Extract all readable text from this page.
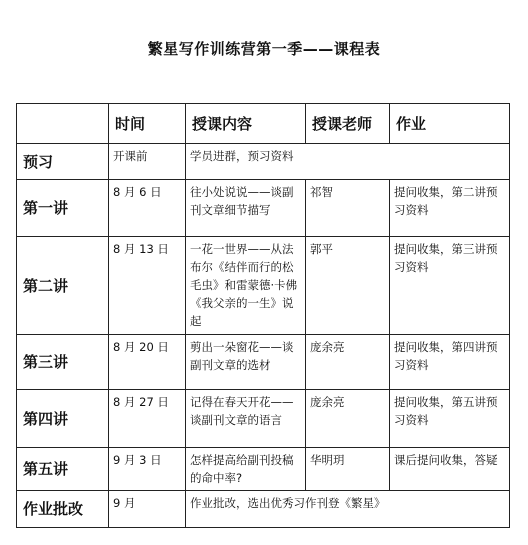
繁星写作训练营第一季——课程表
	时间	授课内容	授课老师	作业
预习	开课前	学员进群，预习资料		
第一讲	8 月 6 日	往小处说说——谈副刊文章细节描写	祁智	提问收集，第二讲预习资料
第二讲	8 月 13 日	一花一世界——从法布尔《结伴而行的松毛虫》和雷蒙德·卡佛《我父亲的一生》说起	郭平	提问收集，第三讲预习资料
第三讲	8 月 20 日	剪出一朵窗花——谈副刊文章的选材	庞余亮	提问收集，第四讲预习资料
第四讲	8 月 27 日	记得在春天开花——谈副刊文章的语言	庞余亮	提问收集，第五讲预习资料
第五讲	9 月 3 日	怎样提高给副刊投稿的命中率?	华明玥	课后提问收集，答疑
作业批改	9 月	作业批改，选出优秀习作刊登《繁星》		
